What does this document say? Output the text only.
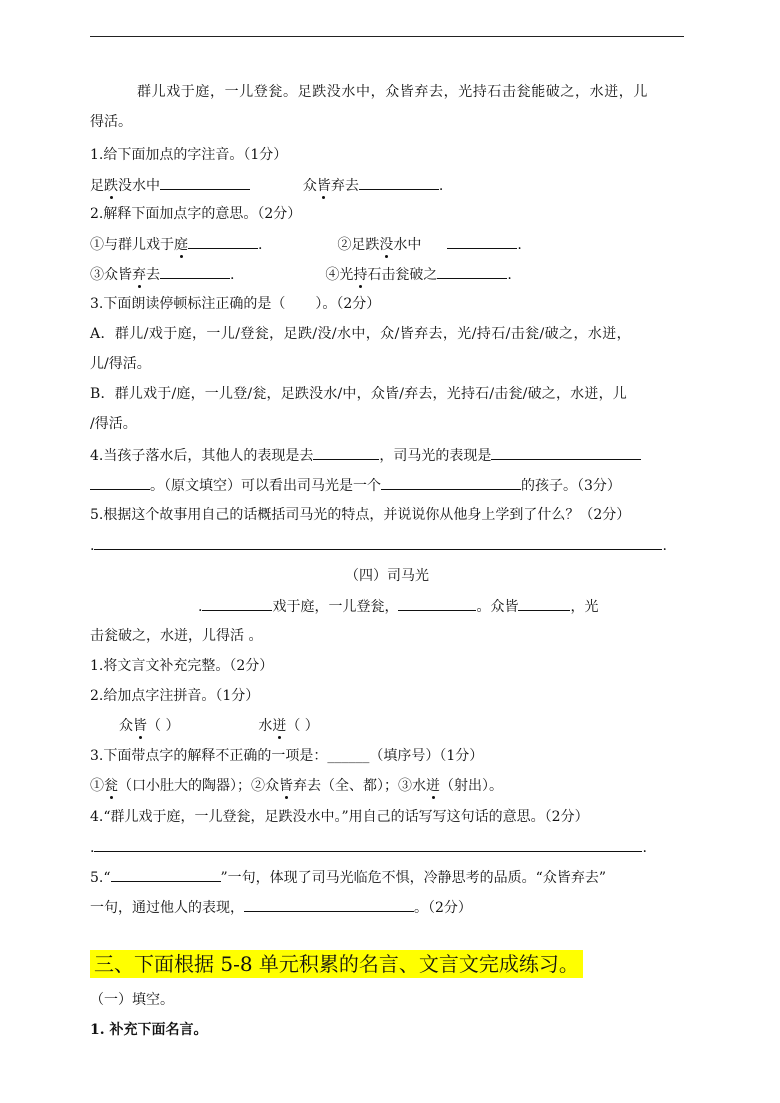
群儿戏于庭，一儿登瓮。足跌没水中，众皆弃去，光持石击瓮能破之，水迸，儿
得活。
1.给下面加点的字注音。（1分）
足跌没水中	众皆弃去	.
2.解释下面加点字的意思。（2分）
①与群儿戏于庭	.	②足跌没水中	.
③众皆弃去	.	④光持石击瓮破之	.
3.下面朗读停顿标注正确的是（ ）。（2分）
A．群儿/戏于庭，一儿/登瓮，足跌/没/水中，众/皆弃去，光/持石/击瓮/破之，水迸，
儿/得活。
B．群儿戏于/庭，一儿登/瓮，足跌没水/中，众皆/弃去，光持石/击瓮/破之，水迸，儿
/得活。
4.当孩子落水后，其他人的表现是去	，司马光的表现是
。（原文填空）可以看出司马光是一个	的孩子。（3分）
5.根据这个故事用自己的话概括司马光的特点，并说说你从他身上学到了什么？（2分）
.	.
（四）司马光
.	戏于庭，一儿登瓮，	。众皆	，光
击瓮破之，水迸，儿得活 。
1.将文言文补充完整。（2分）
2.给加点字注拼音。（1分）
众皆（ ）	水迸（ ）
3.下面带点字的解释不正确的一项是：______（填序号）（1分）
①瓮（口小肚大的陶器）；②众皆弃去（全、都）；③水迸（射出）。
4.“群儿戏于庭，一儿登瓮，足跌没水中。”用自己的话写写这句话的意思。（2分）
.	.
5.“	”一句，体现了司马光临危不惧，冷静思考的品质。“众皆弃去”
一句，通过他人的表现，	。（2分）
三、下面根据 5-8 单元积累的名言、文言文完成练习。
（一）填空。
1. 补充下面名言。
